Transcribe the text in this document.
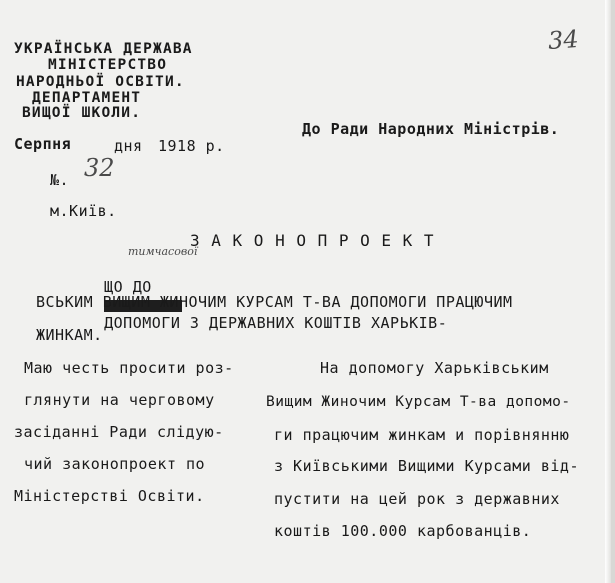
34
УКРАЇНСЬКА ДЕРЖАВА
МІНІСТЕРСТВО
НАРОДНЬОЇ ОСВІТИ.
ДЕПАРТАМЕНТ
ВИЩОЇ ШКОЛИ.
До Ради Народних Міністрів.
Серпня	дня 1918 р.
№. 32
м.Київ.
З А К О Н О П Р О Е К Т
тимчасової

ЩО ДО

ДОПОМОГИ З ДЕРЖАВНИХ КОШТІВ ХАРЬКІВ-

ВСЬКИМ ВИЩИМ ЖИНОЧИМ КУРСАМ Т-ВА ДОПОМОГИ ПРАЦЮЧИМ
ЖИНКАМ.
Маю честь просити роз-
глянути на черговому
засіданні Ради слідую-
чий законопроект по
Міністерстві Освіти.
На допомогу Харьківським
Вищим Жиночим Курсам Т-ва допомо-
ги працючим жинкам и порівнянню
з Київськими Вищими Курсами від-
пустити на цей рок з державних
коштів 100.000 карбованців.
